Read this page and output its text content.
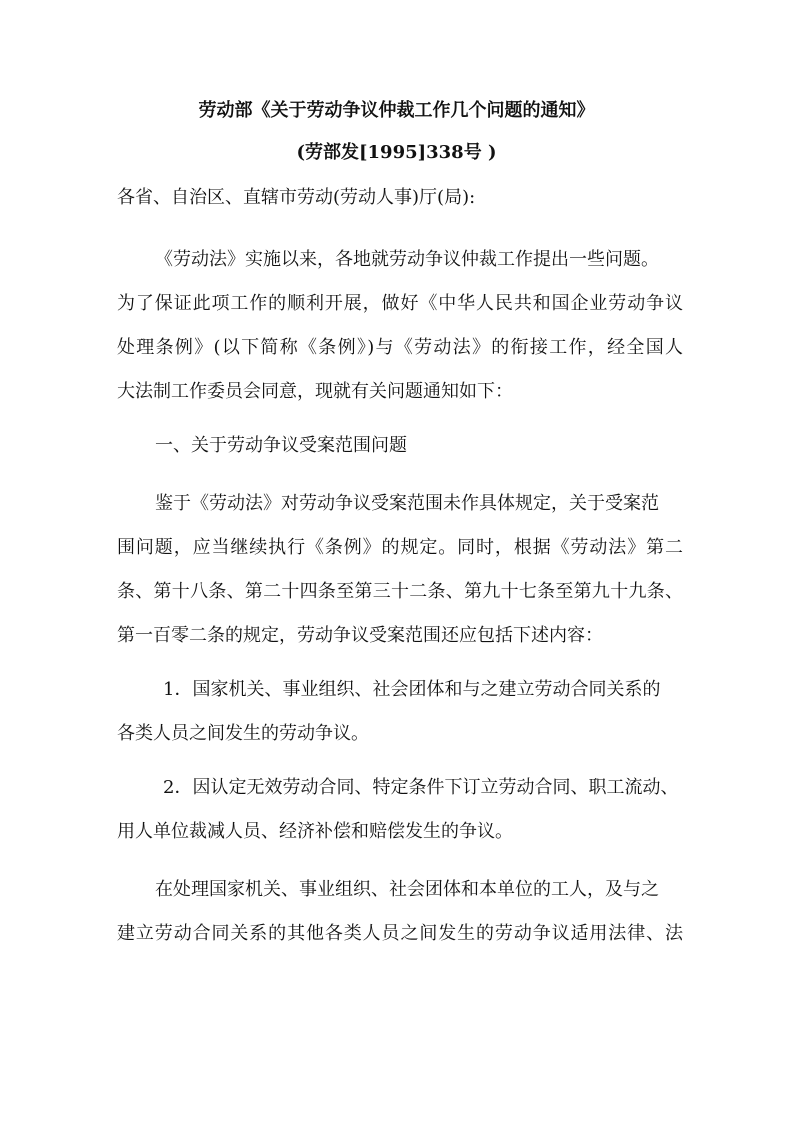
劳动部《关于劳动争议仲裁工作几个问题的通知》
(劳部发[1995]338号 )
各省、自治区、直辖市劳动(劳动人事)厅(局):
《劳动法》实施以来，各地就劳动争议仲裁工作提出一些问题。
为了保证此项工作的顺利开展，做好《中华人民共和国企业劳动争议
处理条例》(以下简称《条例》)与《劳动法》的衔接工作，经全国人
大法制工作委员会同意，现就有关问题通知如下：
一、关于劳动争议受案范围问题
鉴于《劳动法》对劳动争议受案范围未作具体规定，关于受案范
围问题，应当继续执行《条例》的规定。同时，根据《劳动法》第二
条、第十八条、第二十四条至第三十二条、第九十七条至第九十九条、
第一百零二条的规定，劳动争议受案范围还应包括下述内容：
1．国家机关、事业组织、社会团体和与之建立劳动合同关系的
各类人员之间发生的劳动争议。
2．因认定无效劳动合同、特定条件下订立劳动合同、职工流动、
用人单位裁减人员、经济补偿和赔偿发生的争议。
在处理国家机关、事业组织、社会团体和本单位的工人，及与之
建立劳动合同关系的其他各类人员之间发生的劳动争议适用法律、法
